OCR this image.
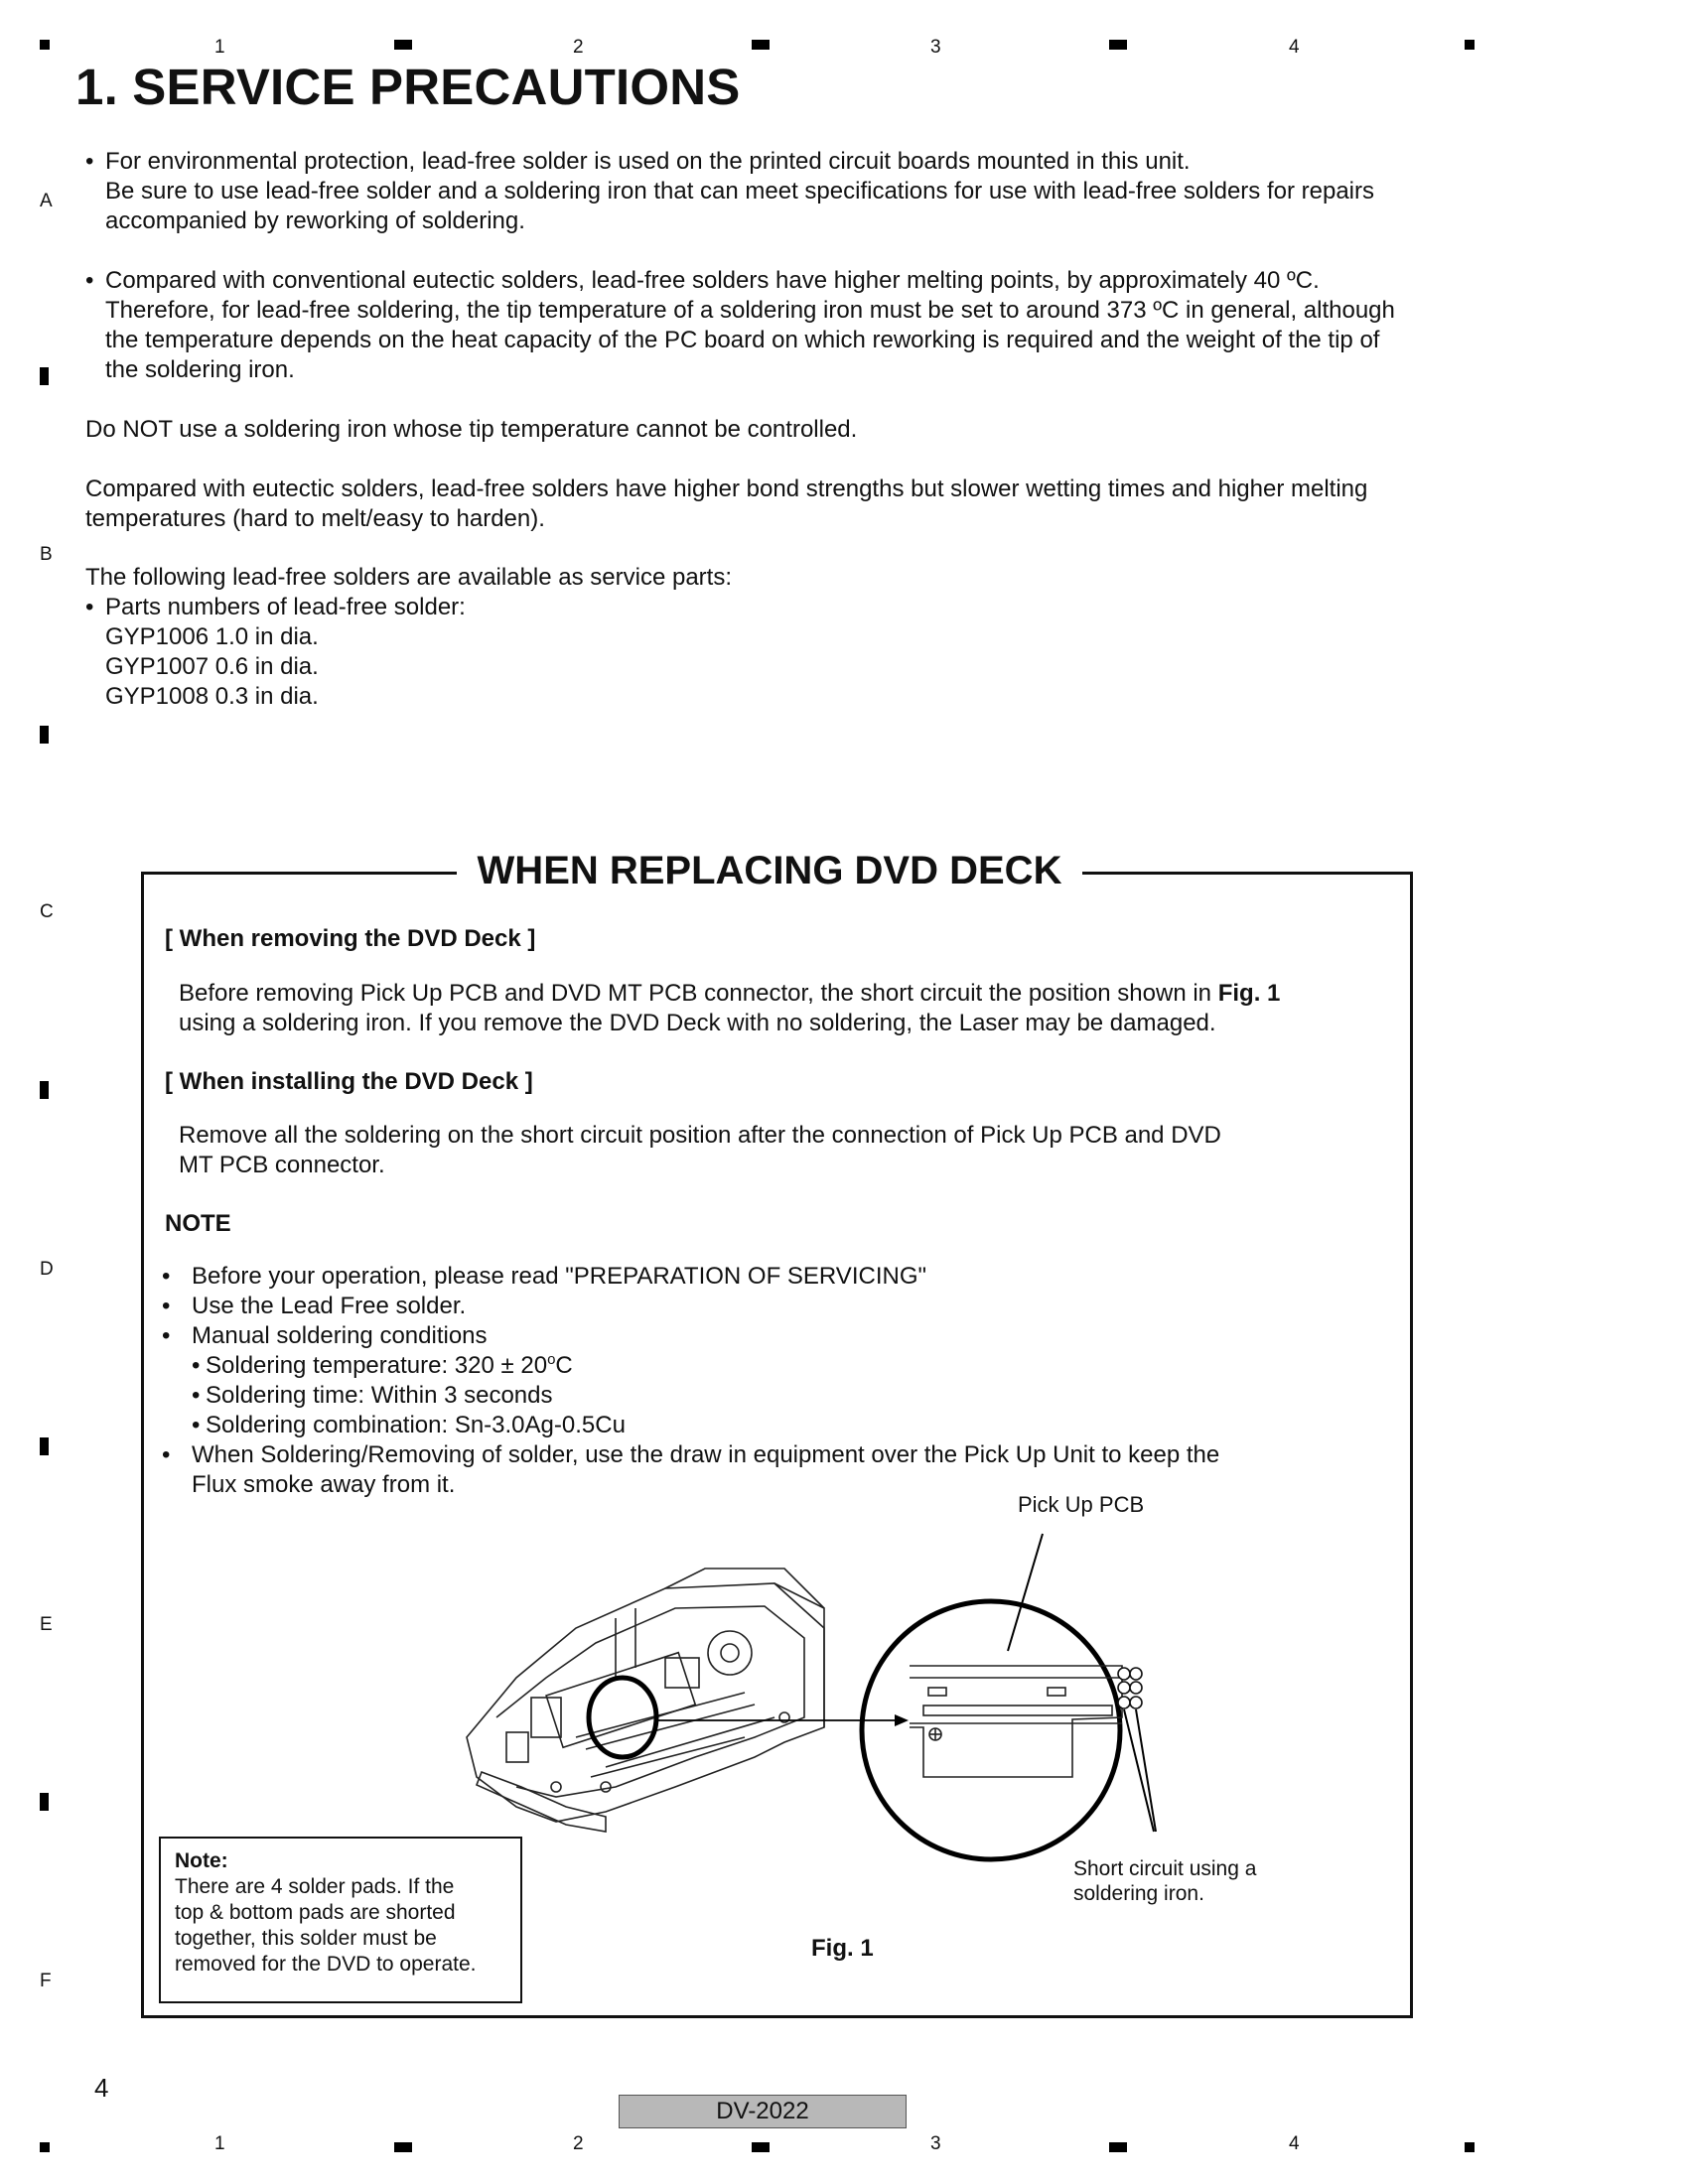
1	2	3	4
1	2	3	4
A
B
C
D
E
F
1. SERVICE PRECAUTIONS
• For environmental protection, lead-free solder is used on the printed circuit boards mounted in this unit.
Be sure to use lead-free solder and a soldering iron that can meet specifications for use with lead-free solders for repairs
accompanied by reworking of soldering.
• Compared with conventional eutectic solders, lead-free solders have higher melting points, by approximately 40 ºC.
Therefore, for lead-free soldering, the tip temperature of a soldering iron must be set to around 373 ºC in general, although
the temperature depends on the heat capacity of the PC board on which reworking is required and the weight of the tip of
the soldering iron.
Do NOT use a soldering iron whose tip temperature cannot be controlled.
Compared with eutectic solders, lead-free solders have higher bond strengths but slower wetting times and higher melting
temperatures (hard to melt/easy to harden).
The following lead-free solders are available as service parts:
• Parts numbers of lead-free solder:
GYP1006 1.0 in dia.
GYP1007 0.6 in dia.
GYP1008 0.3 in dia.
WHEN REPLACING DVD DECK
[ When removing the DVD Deck ]
Before removing Pick Up PCB and DVD MT PCB connector, the short circuit the position shown in Fig. 1
using a soldering iron. If you remove the DVD Deck with no soldering, the Laser may be damaged.
[ When installing the DVD Deck ]
Remove all the soldering on the short circuit position after the connection of Pick Up PCB and DVD
MT PCB connector.
NOTE
• Before your operation, please read "PREPARATION OF SERVICING"
• Use the Lead Free solder.
• Manual soldering conditions
• Soldering temperature: $320 \pm 20^oC$
• Soldering time: Within 3 seconds
• Soldering combination: Sn-3.0Ag-0.5Cu
• When Soldering/Removing of solder, use the draw in equipment over the Pick Up Unit to keep the
Flux smoke away from it.
Pick Up PCB
Short circuit using a
soldering iron.
Fig. 1
Note:
There are 4 solder pads. If the
top & bottom pads are shorted
together, this solder must be
removed for the DVD to operate.
4
DV-2022
